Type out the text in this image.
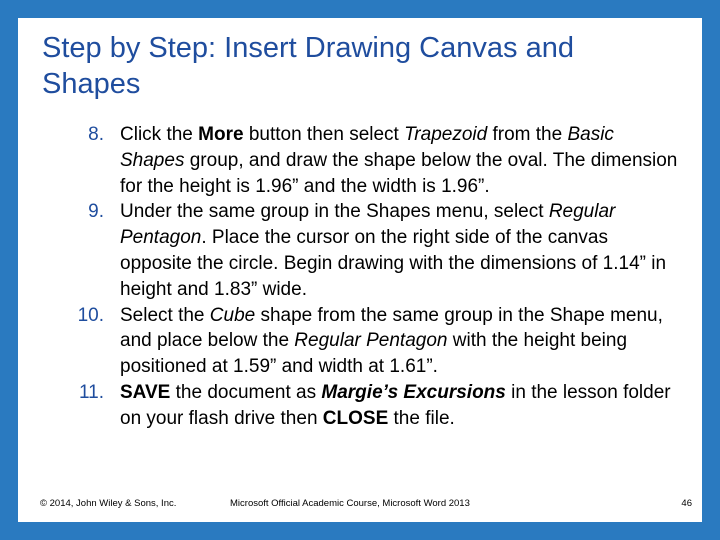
Step by Step: Insert Drawing Canvas and Shapes
8. Click the More button then select Trapezoid from the Basic Shapes group, and draw the shape below the oval. The dimension for the height is 1.96” and the width is 1.96”.
9. Under the same group in the Shapes menu, select Regular Pentagon. Place the cursor on the right side of the canvas opposite the circle. Begin drawing with the dimensions of 1.14” in height and 1.83” wide.
10. Select the Cube shape from the same group in the Shape menu, and place below the Regular Pentagon with the height being positioned at 1.59” and width at 1.61”.
11. SAVE the document as Margie’s Excursions in the lesson folder on your flash drive then CLOSE the file.
© 2014, John Wiley & Sons, Inc.	Microsoft Official Academic Course, Microsoft Word 2013	46
